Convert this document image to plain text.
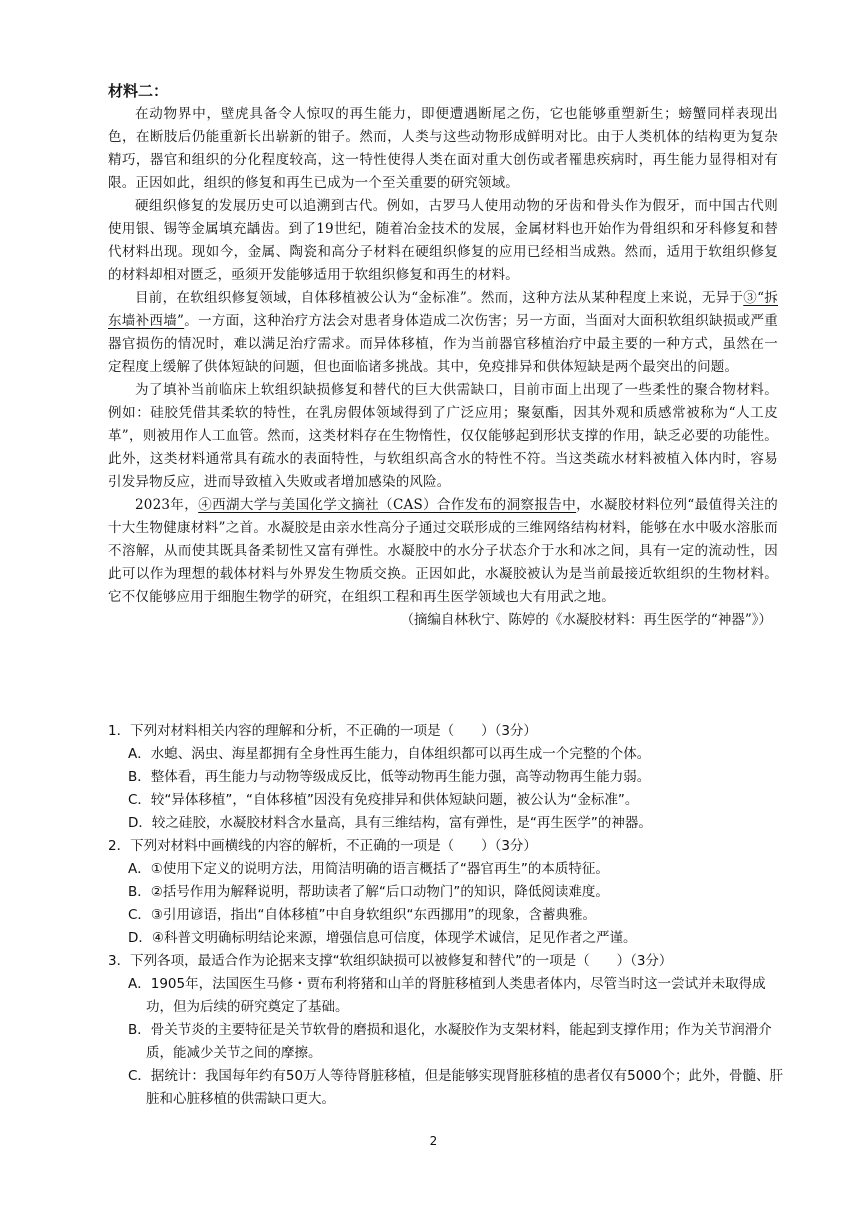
材料二：

在动物界中，壁虎具备令人惊叹的再生能力，即便遭遇断尾之伤，它也能够重塑新生；螃蟹同样表现出色，在断肢后仍能重新长出崭新的钳子。然而，人类与这些动物形成鲜明对比。由于人类机体的结构更为复杂精巧，器官和组织的分化程度较高，这一特性使得人类在面对重大创伤或者罹患疾病时，再生能力显得相对有限。正因如此，组织的修复和再生已成为一个至关重要的研究领域。

硬组织修复的发展历史可以追溯到古代。例如，古罗马人使用动物的牙齿和骨头作为假牙，而中国古代则使用银、锡等金属填充龋齿。到了19世纪，随着冶金技术的发展，金属材料也开始作为骨组织和牙科修复和替代材料出现。现如今，金属、陶瓷和高分子材料在硬组织修复的应用已经相当成熟。然而，适用于软组织修复的材料却相对匮乏，亟须开发能够适用于软组织修复和再生的材料。

目前，在软组织修复领域，自体移植被公认为“金标准”。然而，这种方法从某种程度上来说，无异于③“拆东墙补西墙”。一方面，这种治疗方法会对患者身体造成二次伤害；另一方面，当面对大面积软组织缺损或严重器官损伤的情况时，难以满足治疗需求。而异体移植，作为当前器官移植治疗中最主要的一种方式，虽然在一定程度上缓解了供体短缺的问题，但也面临诸多挑战。其中，免疫排异和供体短缺是两个最突出的问题。

为了填补当前临床上软组织缺损修复和替代的巨大供需缺口，目前市面上出现了一些柔性的聚合物材料。例如：硅胶凭借其柔软的特性，在乳房假体领域得到了广泛应用；聚氨酯，因其外观和质感常被称为“人工皮革”，则被用作人工血管。然而，这类材料存在生物惰性，仅仅能够起到形状支撑的作用，缺乏必要的功能性。此外，这类材料通常具有疏水的表面特性，与软组织高含水的特性不符。当这类疏水材料被植入体内时，容易引发异物反应，进而导致植入失败或者增加感染的风险。

2023年，④西湖大学与美国化学文摘社（CAS）合作发布的洞察报告中，水凝胶材料位列“最值得关注的十大生物健康材料”之首。水凝胶是由亲水性高分子通过交联形成的三维网络结构材料，能够在水中吸水溶胀而不溶解，从而使其既具备柔韧性又富有弹性。水凝胶中的水分子状态介于水和冰之间，具有一定的流动性，因此可以作为理想的载体材料与外界发生物质交换。正因如此，水凝胶被认为是当前最接近软组织的生物材料。它不仅能够应用于细胞生物学的研究，在组织工程和再生医学领域也大有用武之地。

（摘编自林秋宁、陈婷的《水凝胶材料：再生医学的“神器”》）

1．下列对材料相关内容的理解和分析，不正确的一项是（　　）（3分）

A．水螅、涡虫、海星都拥有全身性再生能力，自体组织都可以再生成一个完整的个体。

B．整体看，再生能力与动物等级成反比，低等动物再生能力强，高等动物再生能力弱。

C．较“异体移植”，“自体移植”因没有免疫排异和供体短缺问题，被公认为“金标准”。

D．较之硅胶，水凝胶材料含水量高，具有三维结构，富有弹性，是“再生医学”的神器。

2．下列对材料中画横线的内容的解析，不正确的一项是（　　）（3分）

A．①使用下定义的说明方法，用简洁明确的语言概括了“器官再生”的本质特征。

B．②括号作用为解释说明，帮助读者了解“后口动物门”的知识，降低阅读难度。

C．③引用谚语，指出“自体移植”中自身软组织“东西挪用”的现象，含蓄典雅。

D．④科普文明确标明结论来源，增强信息可信度，体现学术诚信，足见作者之严谨。

3．下列各项，最适合作为论据来支撑“软组织缺损可以被修复和替代”的一项是（　　）（3分）

A．1905年，法国医生马修・贾布利将猪和山羊的肾脏移植到人类患者体内，尽管当时这一尝试并未取得成功，但为后续的研究奠定了基础。

B．骨关节炎的主要特征是关节软骨的磨损和退化，水凝胶作为支架材料，能起到支撑作用；作为关节润滑介质，能减少关节之间的摩擦。

C．据统计：我国每年约有50万人等待肾脏移植，但是能够实现肾脏移植的患者仅有5000个；此外，骨髓、肝脏和心脏移植的供需缺口更大。

2
